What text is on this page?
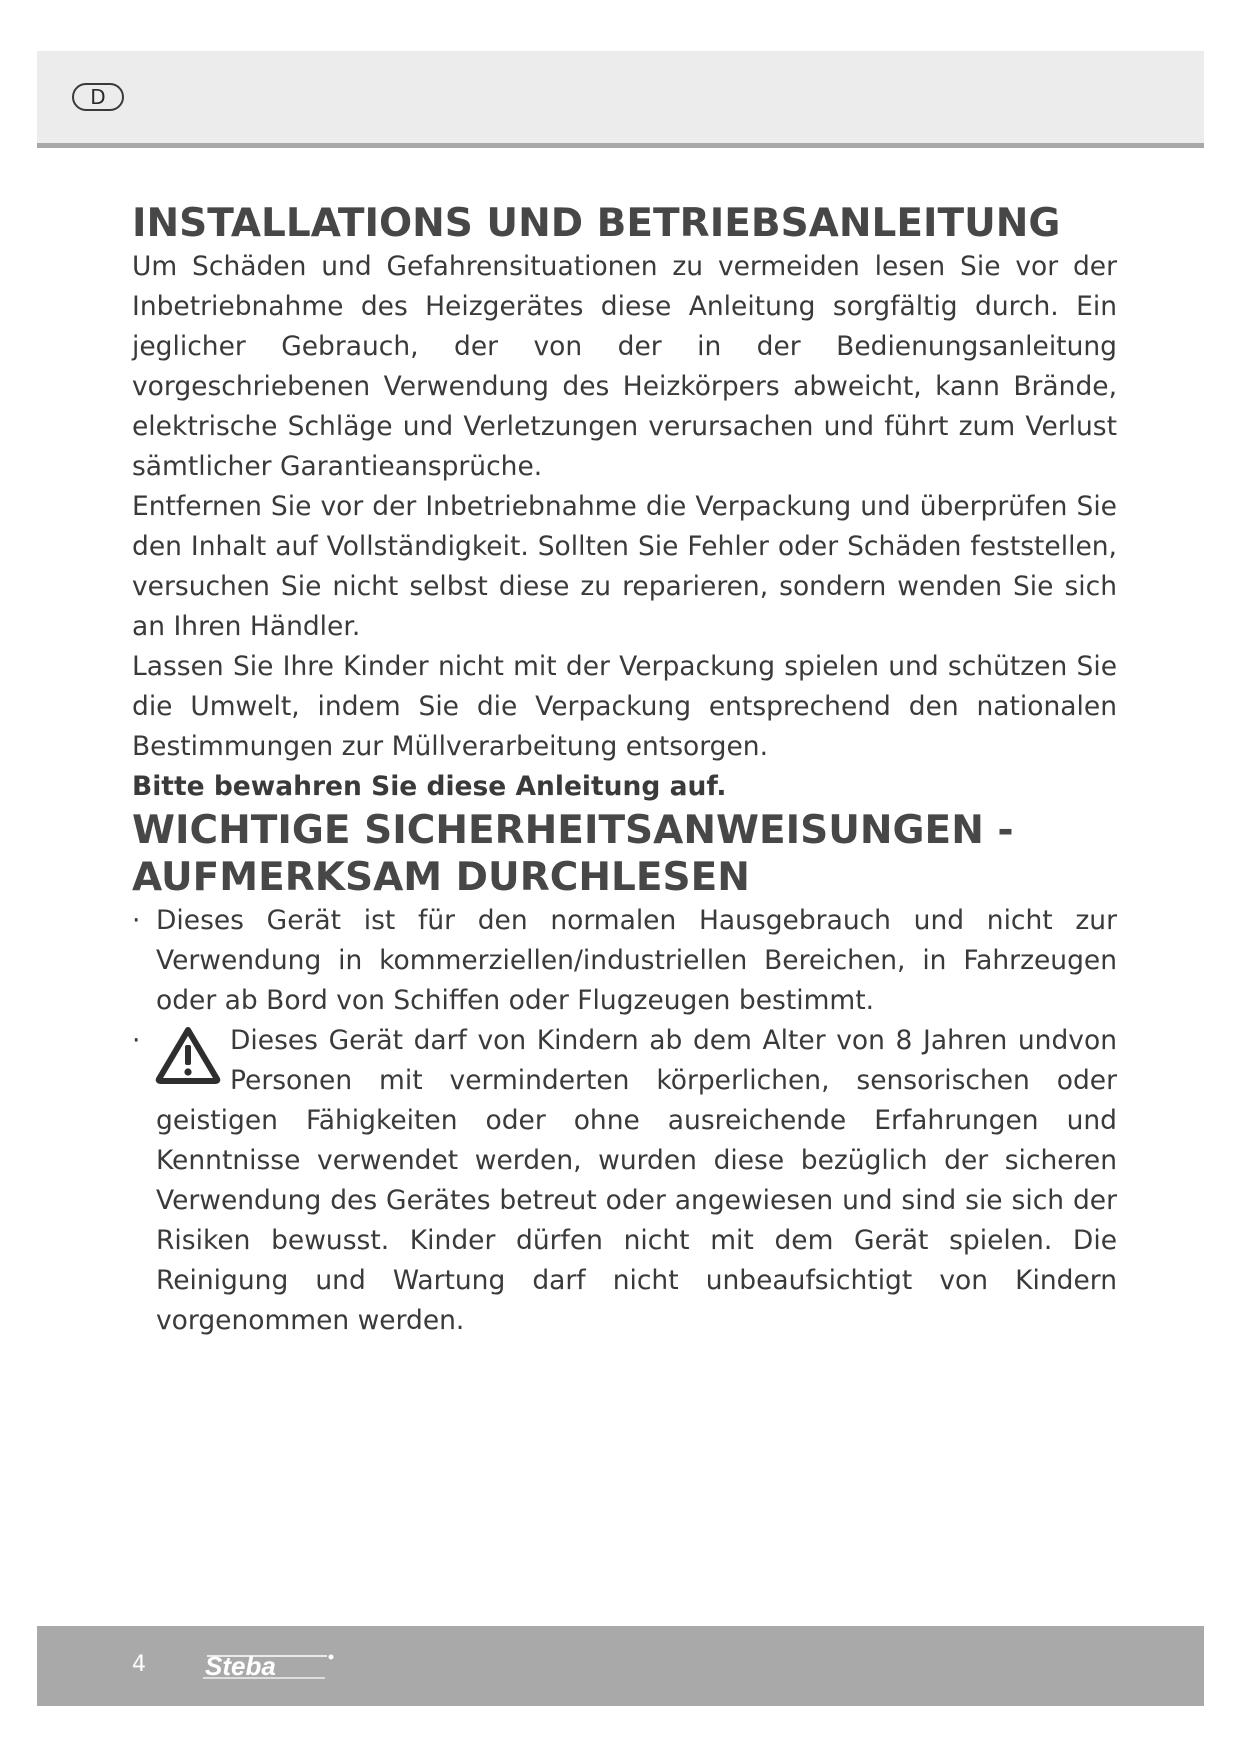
D
INSTALLATIONS UND BETRIEBSANLEITUNG

Um Schäden und Gefahrensituationen zu vermeiden lesen Sie vor der Inbetriebnahme des Heizgerätes diese Anleitung sorgfältig durch. Ein jeglicher Gebrauch, der von der in der Bedienungsanleitung vorgeschriebenen Verwendung des Heizkörpers abweicht, kann Brände, elektrische Schläge und Verletzungen verursachen und führt zum Verlust sämtlicher Garantieansprüche.

Entfernen Sie vor der Inbetriebnahme die Verpackung und überprüfen Sie den Inhalt auf Vollständigkeit. Sollten Sie Fehler oder Schäden feststellen, versuchen Sie nicht selbst diese zu reparieren, sondern wenden Sie sich an Ihren Händler.

Lassen Sie Ihre Kinder nicht mit der Verpackung spielen und schützen Sie die Umwelt, indem Sie die Verpackung entsprechend den nationalen Bestimmungen zur Müllverarbeitung entsorgen.

Bitte bewahren Sie diese Anleitung auf.

WICHTIGE SICHERHEITSANWEISUNGEN -
AUFMERKSAM DURCHLESEN
· Dieses Gerät ist für den normalen Hausgebrauch und nicht zur Verwendung in kommerziellen/industriellen Bereichen, in Fahrzeugen oder ab Bord von Schiffen oder Flugzeugen bestimmt.
·	Dieses Gerät darf von Kindern ab dem Alter von 8 Jahren undvon Personen mit verminderten körperlichen, sensorischen oder geistigen Fähigkeiten oder ohne ausreichende Erfahrungen und Kenntnisse verwendet werden, wurden diese bezüglich der sicheren Verwendung des Gerätes betreut oder angewiesen und sind sie sich der Risiken bewusst. Kinder dürfen nicht mit dem Gerät spielen. Die Reinigung und Wartung darf nicht unbeaufsichtigt von Kindern vorgenommen werden.
4 Steba
